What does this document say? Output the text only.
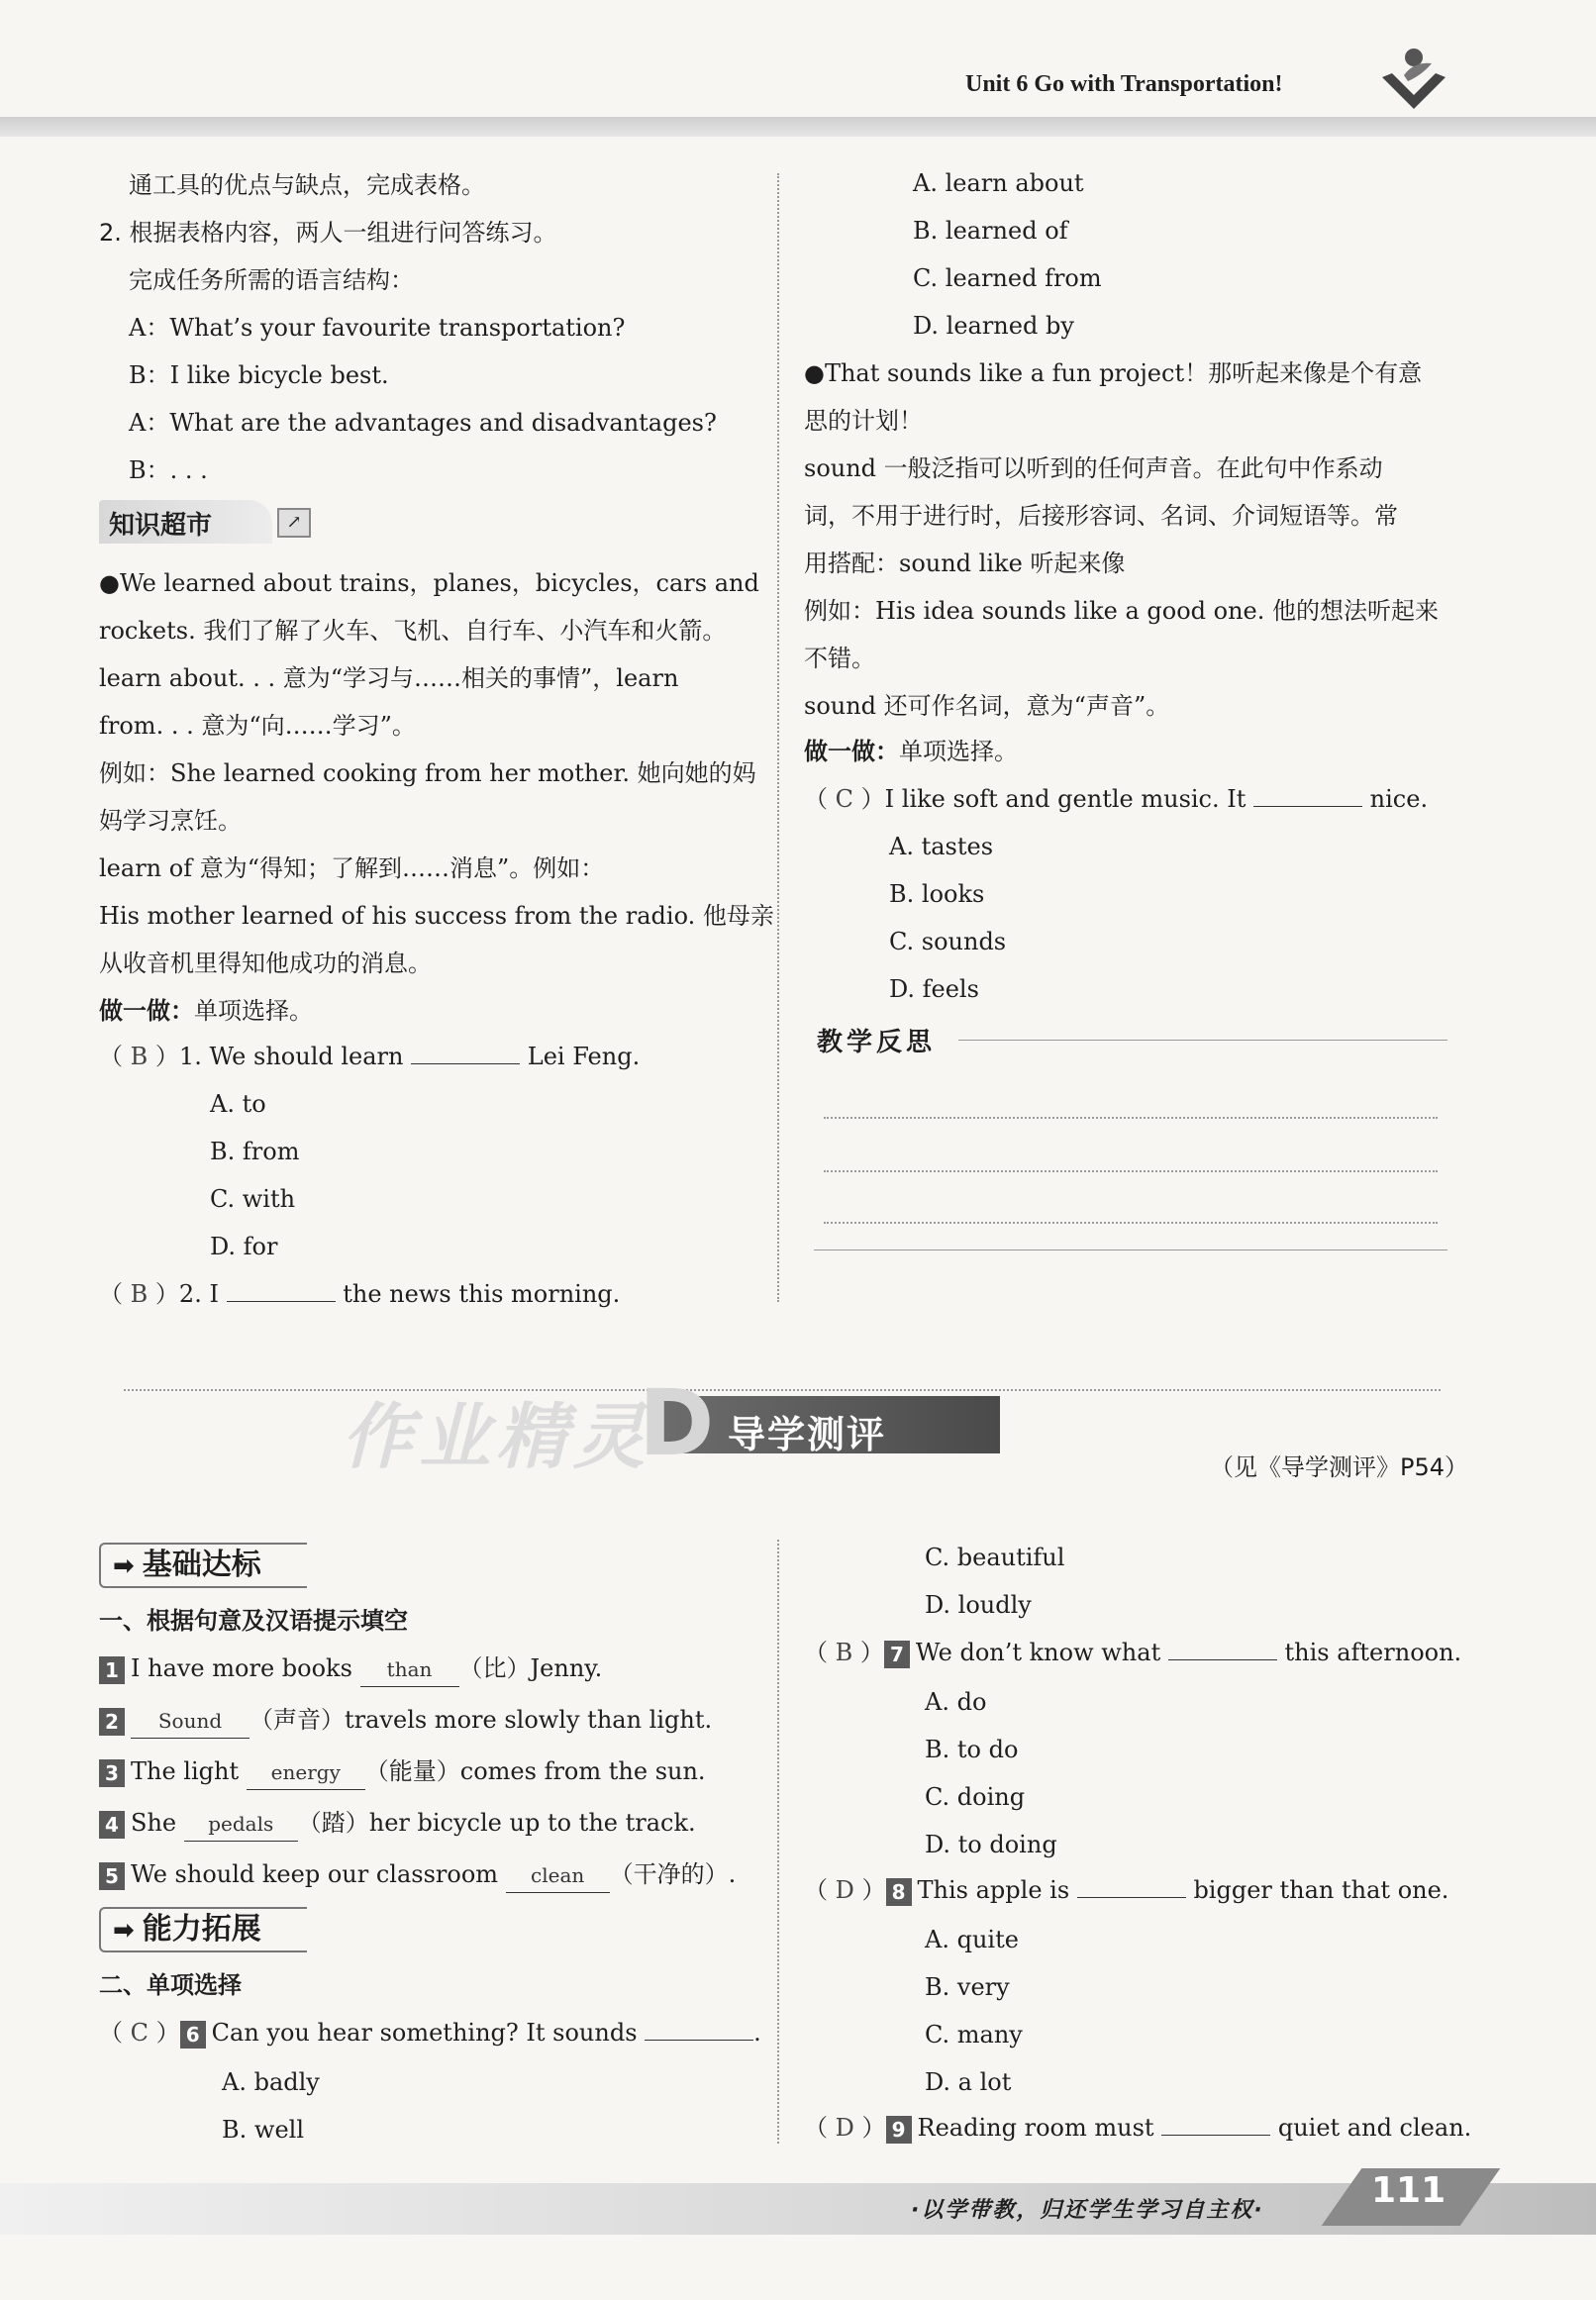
Unit 6 Go with Transportation!
通工具的优点与缺点，完成表格。
2. 根据表格内容，两人一组进行问答练习。
完成任务所需的语言结构：
A：What’s your favourite transportation?
B：I like bicycle best.
A：What are the advantages and disadvantages?
B：. . .
知识超市	↗
●We learned about trains，planes，bicycles，cars and
rockets. 我们了解了火车、飞机、自行车、小汽车和火箭。
learn about. . . 意为“学习与……相关的事情”，learn
from. . . 意为“向……学习”。
例如：She learned cooking from her mother. 她向她的妈
妈学习烹饪。
learn of 意为“得知；了解到……消息”。例如：
His mother learned of his success from the radio. 他母亲
从收音机里得知他成功的消息。
做一做：单项选择。
（ B ）1. We should learn	Lei Feng.
A. to
B. from
C. with
D. for
（ B ）2. I	the news this morning.
A. learn about
B. learned of
C. learned from
D. learned by
●That sounds like a fun project！那听起来像是个有意
思的计划！
sound 一般泛指可以听到的任何声音。在此句中作系动
词，不用于进行时，后接形容词、名词、介词短语等。常
用搭配：sound like 听起来像
例如：His idea sounds like a good one. 他的想法听起来
不错。
sound 还可作名词，意为“声音”。
做一做：单项选择。
（ C ）I like soft and gentle music. It	nice.
A. tastes
B. looks
C. sounds
D. feels
教学反思
作业精灵
D 导学测评
（见《导学测评》P54）
➡ 基础达标
一、根据句意及汉语提示填空
1 I have more books than （比）Jenny.
2 Sound （声音）travels more slowly than light.
3 The light energy （能量）comes from the sun.
4 She pedals （踏）her bicycle up to the track.
5 We should keep our classroom clean （干净的）.
➡ 能力拓展
二、单项选择
（ C ） 6 Can you hear something? It sounds	.
A. badly
B. well
C. beautiful
D. loudly
（ B ） 7 We don’t know what	this afternoon.
A. do
B. to do
C. doing
D. to doing
（ D ） 8 This apple is	bigger than that one.
A. quite
B. very
C. many
D. a lot
（ D ） 9 Reading room must	quiet and clean.
·以学带教，归还学生学习自主权·	111
